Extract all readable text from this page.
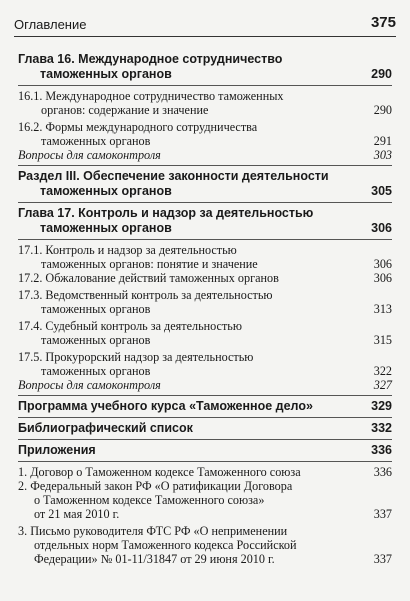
Оглавление	375
Глава 16. Международное сотрудничество
таможенных органов	290
16.1. Международное сотрудничество таможенных
органов: содержание и значение	290
16.2. Формы международного сотрудничества
таможенных органов	291
Вопросы для самоконтроля	303
Раздел III. Обеспечение законности деятельности
таможенных органов	305
Глава 17. Контроль и надзор за деятельностью
таможенных органов	306
17.1. Контроль и надзор за деятельностью
таможенных органов: понятие и значение	306
17.2. Обжалование действий таможенных органов	306
17.3. Ведомственный контроль за деятельностью
таможенных органов	313
17.4. Судебный контроль за деятельностью
таможенных органов	315
17.5. Прокурорский надзор за деятельностью
таможенных органов	322
Вопросы для самоконтроля	327
Программа учебного курса «Таможенное дело»	329
Библиографический список	332
Приложения	336
1. Договор о Таможенном кодексе Таможенного союза	336
2. Федеральный закон РФ «О ратификации Договора
о Таможенном кодексе Таможенного союза»
от 21 мая 2010 г.	337
3. Письмо руководителя ФТС РФ «О неприменении
отдельных норм Таможенного кодекса Российской
Федерации» № 01-11/31847 от 29 июня 2010 г.	337
